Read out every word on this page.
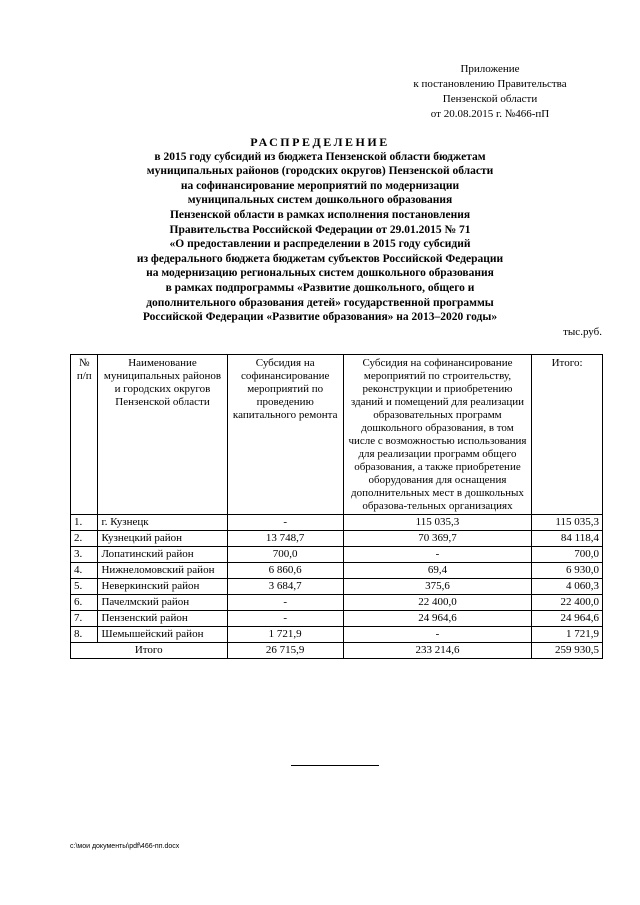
Приложение
к постановлению Правительства
Пензенской области
от 20.08.2015 г. №466-пП
РАСПРЕДЕЛЕНИЕ
в 2015 году субсидий из бюджета Пензенской области бюджетам
муниципальных районов (городских округов) Пензенской области
на софинансирование мероприятий по модернизации
муниципальных систем дошкольного образования
Пензенской области в рамках исполнения постановления
Правительства Российской Федерации от 29.01.2015 № 71
«О предоставлении и распределении в 2015 году субсидий
из федерального бюджета бюджетам субъектов Российской Федерации
на модернизацию региональных систем дошкольного образования
в рамках подпрограммы «Развитие дошкольного, общего и
дополнительного образования детей» государственной программы
Российской Федерации «Развитие образования» на 2013–2020 годы»
тыс.руб.
№ п/п	Наименование муниципальных районов и городских округов Пензенской области	Субсидия на софинансирование мероприятий по проведению капитального ремонта	Субсидия на софинансирование мероприятий по строительству, реконструкции и приобретению зданий и помещений для реализации образовательных программ дошкольного образования, в том числе с возможностью использования для реализации программ общего образования, а также приобретение оборудования для оснащения дополнительных мест в дошкольных образова-тельных организациях	Итого:
1.	г. Кузнецк	-	115 035,3	115 035,3
2.	Кузнецкий район	13 748,7	70 369,7	84 118,4
3.	Лопатинский район	700,0	-	700,0
4.	Нижнеломовский район	6 860,6	69,4	6 930,0
5.	Неверкинский район	3 684,7	375,6	4 060,3
6.	Пачелмский район	-	22 400,0	22 400,0
7.	Пензенский район	-	24 964,6	24 964,6
8.	Шемышейский район	1 721,9	-	1 721,9
Итого		26 715,9	233 214,6	259 930,5
c:\мои документы\pdf\466-пп.docx
